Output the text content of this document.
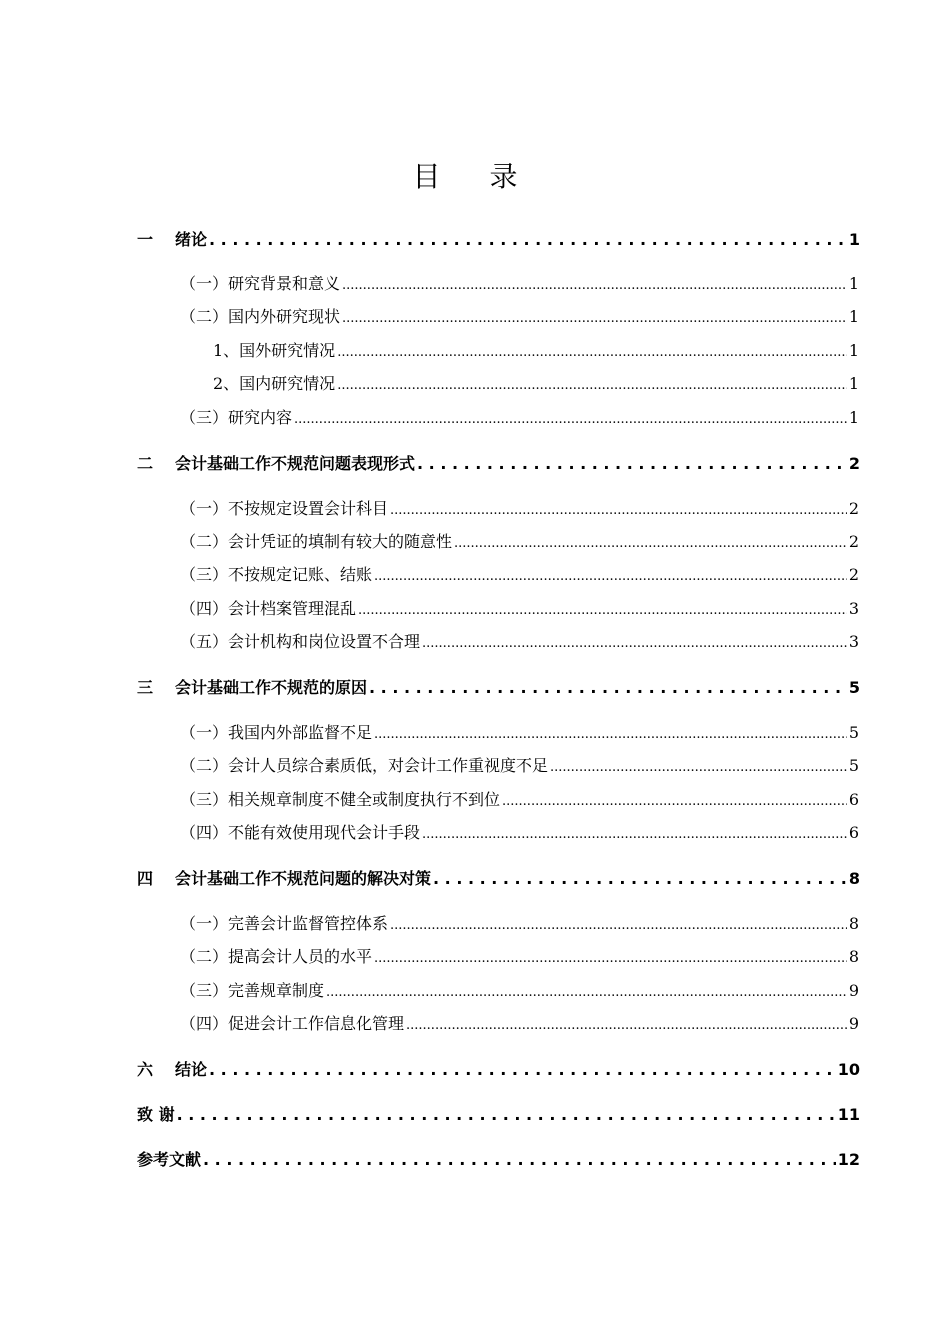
目 录
一	绪论 . . .	1
（一）研究背景和意义 .....	1
（二）国内外研究现状 .....	1
1、国外研究情况 .....	1
2、国内研究情况 .....	1
（三）研究内容 .....	1
二	会计基础工作不规范问题表现形式 . . .	2
（一）不按规定设置会计科目 .....	2
（二）会计凭证的填制有较大的随意性 .....	2
（三）不按规定记账、结账 .....	2
（四）会计档案管理混乱 .....	3
（五）会计机构和岗位设置不合理 .....	3
三	会计基础工作不规范的原因 . . .	5
（一）我国内外部监督不足 .....	5
（二）会计人员综合素质低，对会计工作重视度不足 .....	5
（三）相关规章制度不健全或制度执行不到位 .....	6
（四）不能有效使用现代会计手段 .....	6
四	会计基础工作不规范问题的解决对策 . . .	8
（一）完善会计监督管控体系 .....	8
（二）提高会计人员的水平 .....	8
（三）完善规章制度 .....	9
（四）促进会计工作信息化管理 .....	9
六	结论 . . .	10
致 谢 . . .	11
参考文献 . . .	12
